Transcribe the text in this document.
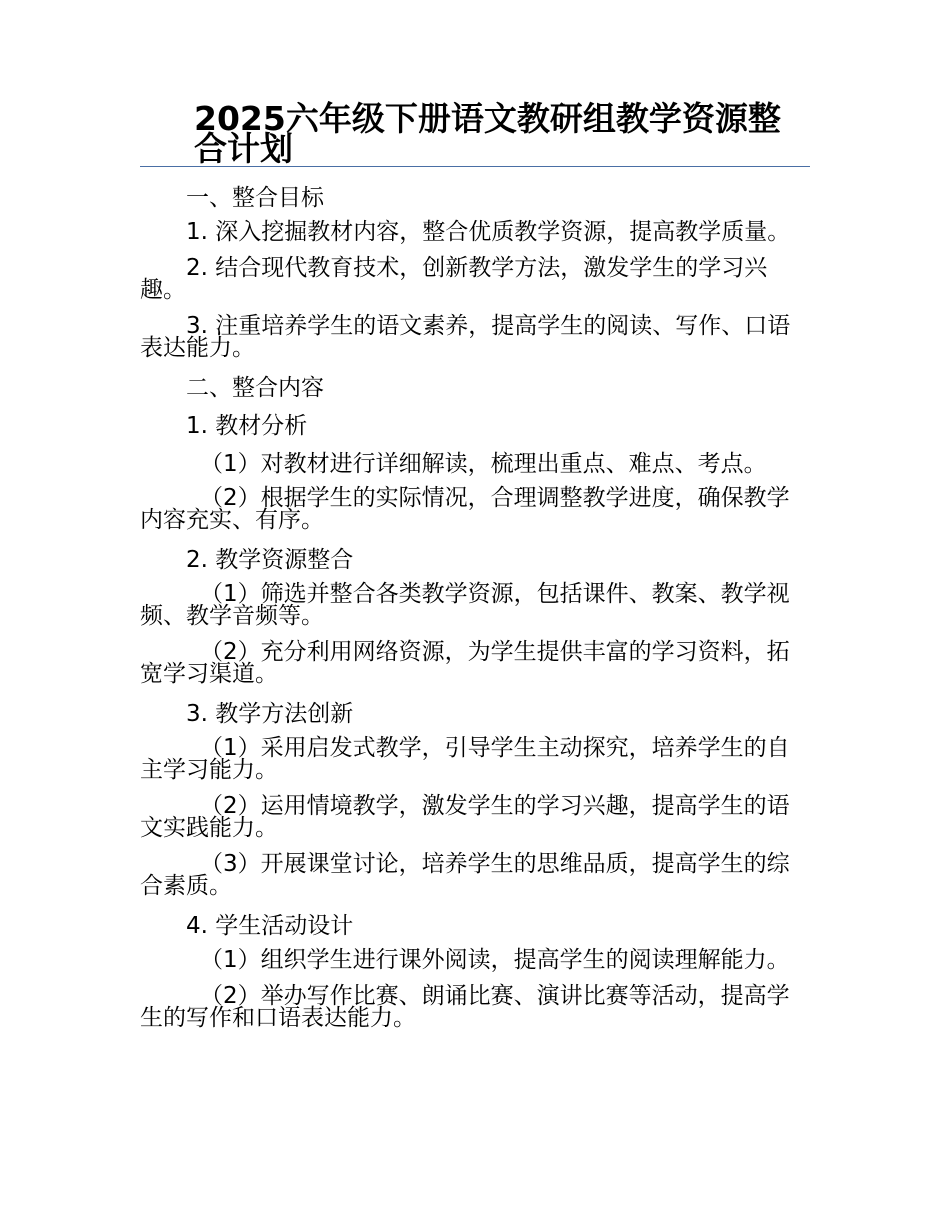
2025六年级下册语文教研组教学资源整合计划

一、整合目标

1. 深入挖掘教材内容，整合优质教学资源，提高教学质量。

2. 结合现代教育技术，创新教学方法，激发学生的学习兴趣。

3. 注重培养学生的语文素养，提高学生的阅读、写作、口语表达能力。

二、整合内容

1. 教材分析

（1）对教材进行详细解读，梳理出重点、难点、考点。

（2）根据学生的实际情况，合理调整教学进度，确保教学内容充实、有序。

2. 教学资源整合

（1）筛选并整合各类教学资源，包括课件、教案、教学视频、教学音频等。

（2）充分利用网络资源，为学生提供丰富的学习资料，拓宽学习渠道。

3. 教学方法创新

（1）采用启发式教学，引导学生主动探究，培养学生的自主学习能力。

（2）运用情境教学，激发学生的学习兴趣，提高学生的语文实践能力。

（3）开展课堂讨论，培养学生的思维品质，提高学生的综合素质。

4. 学生活动设计

（1）组织学生进行课外阅读，提高学生的阅读理解能力。

（2）举办写作比赛、朗诵比赛、演讲比赛等活动，提高学生的写作和口语表达能力。
